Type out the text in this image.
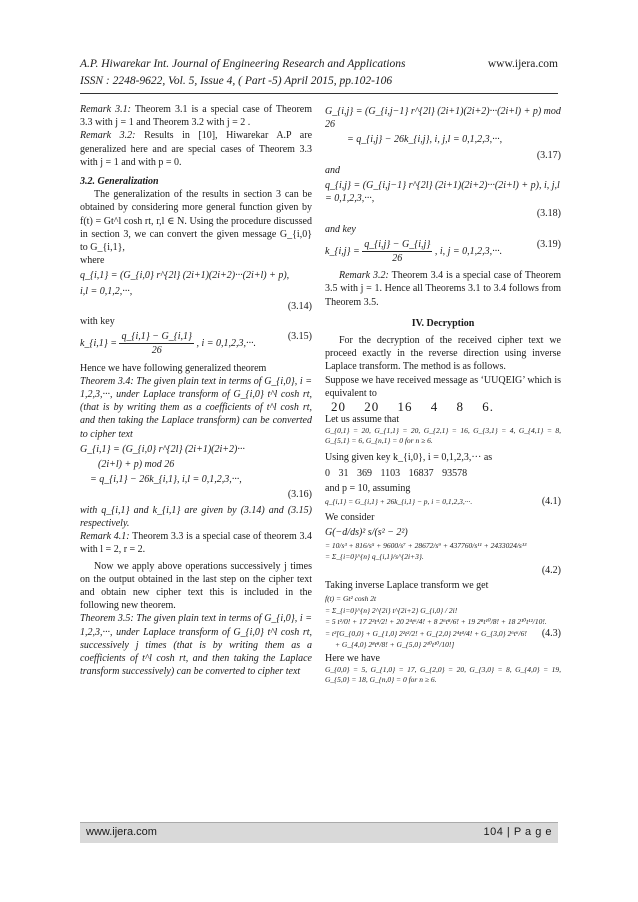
A.P. Hiwarekar Int. Journal of Engineering Research and Applications	www.ijera.com
ISSN : 2248-9622, Vol. 5, Issue 4, ( Part -5) April 2015, pp.102-106

Remark 3.1: Theorem 3.1 is a special case of Theorem 3.3 with j = 1 and Theorem 3.2 with j = 2 .

Remark 3.2: Results in [10], Hiwarekar A.P are generalized here and are special cases of Theorem 3.3 with j = 1 and with p = 0.

3.2. Generalization

The generalization of the results in section 3 can be obtained by considering more general function given by f(t) = Gt^l cosh rt, r,l ∈ N. Using the procedure discussed in section 3, we can convert the given message G_{i,0} to G_{i,1},

where

q_{i,1} = (G_{i,0} r^{2l} (2i+1)(2i+2)···(2i+l) + p),
i,l = 0,1,2,···,
(3.14)

with key

k_{i,1} = $\frac{q\_\{i,1\} - G\_\{i,1\}}{26}$ , i = 0,1,2,3,···.
(3.15)

Hence we have following generalized theorem

Theorem 3.4: The given plain text in terms of G_{i,0}, i = 1,2,3,···, under Laplace transform of G_{i,0} t^l cosh rt, (that is by writing them as a coefficients of t^l cosh rt, and then taking the Laplace transform) can be converted to cipher text

G_{i,1} = (G_{i,0} r^{2l} (2i+1)(2i+2)···
(2i+l) + p) mod 26
= q_{i,1} − 26k_{i,1}, i,l = 0,1,2,3,···,
(3.16)

with q_{i,1} and k_{i,1} are given by (3.14) and (3.15) respectively.

Remark 4.1: Theorem 3.3 is a special case of theorem 3.4 with l = 2, r = 2.

Now we apply above operations successively j times on the output obtained in the last step on the cipher text and obtain new cipher text this is included in the following new theorem.

Theorem 3.5: The given plain text in terms of G_{i,0}, i = 1,2,3,···, under Laplace transform of G_{i,0} t^l cosh rt, successively j times (that is by writing them as a coefficients of t^l cosh rt, and then taking the Laplace transform successively) can be converted to cipher text

G_{i,j} = (G_{i,j−1} r^{2l} (2i+1)(2i+2)···(2i+l) + p) mod 26
= q_{i,j} − 26k_{i,j}, i, j,l = 0,1,2,3,···,
(3.17)

and

q_{i,j} = (G_{i,j−1} r^{2l} (2i+1)(2i+2)···(2i+l) + p), i, j,l = 0,1,2,3,···,
(3.18)

and key

k_{i,j} = $\frac{q\_\{i,j\} - G\_\{i,j\}}{26}$ , i, j = 0,1,2,3,···.
(3.19)

Remark 3.2: Theorem 3.4 is a special case of Theorem 3.5 with j = 1. Hence all Theorems 3.1 to 3.4 follows from Theorem 3.5.

IV. Decryption

For the decryption of the received cipher text we proceed exactly in the reverse direction using inverse Laplace transform. The method is as follows.

Suppose we have received message as ‘UUQEIG’ which is equivalent to

20 20 16 4 8 6.

Let us assume that

G_{0,1} = 20, G_{1,1} = 20, G_{2,1} = 16, G_{3,1} = 4, G_{4,1} = 8, G_{5,1} = 6, G_{n,1} = 0 for n ≥ 6.

Using given key k_{i,0}, i = 0,1,2,3,··· as

0 31 369 1103 16837 93578

and p = 10, assuming

q_{i,1} = G_{i,1} + 26k_{i,1} − p, i = 0,1,2,3,···.	(4.1)

We consider

G(−d/ds)² s/(s² − 2²)
= 10/s³ + 816/s⁵ + 9600/s⁷ + 28672/s⁹ + 437760/s¹¹ + 2433024/s¹³
= Σ_{i=0}^{n} q_{i,1}/s^{2i+3}.
(4.2)

Taking inverse Laplace transform we get

f(t) = Gt² cosh 2t
= Σ_{i=0}^{n} 2^{2i} t^{2i+2} G_{i,0} / 2i!
= 5 t²/0! + 17 2²t⁴/2! + 20 2⁴t⁶/4! + 8 2⁶t⁸/6! + 19 2⁸t¹⁰/8! + 18 2¹⁰t¹²/10!.
= t²[G_{0,0} + G_{1,0} 2²t²/2! + G_{2,0} 2⁴t⁴/4! + G_{3,0} 2⁶t⁶/6! (4.3)
+ G_{4,0} 2⁸t⁸/8! + G_{5,0} 2¹⁰t¹⁰/10!]

Here we have

G_{0,0} = 5, G_{1,0} = 17, G_{2,0} = 20, G_{3,0} = 8, G_{4,0} = 19, G_{5,0} = 18, G_{n,0} = 0 for n ≥ 6.

www.ijera.com	104 | P a g e
